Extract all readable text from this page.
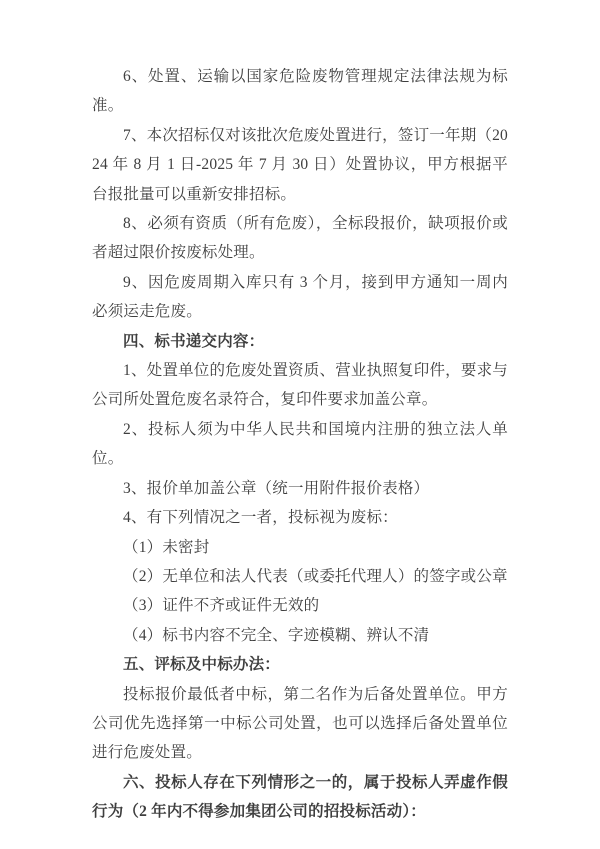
6、处置、运输以国家危险废物管理规定法律法规为标准。

7、本次招标仅对该批次危废处置进行，签订一年期（2024 年 8 月 1 日-2025 年 7 月 30 日）处置协议，甲方根据平台报批量可以重新安排招标。

8、必须有资质（所有危废），全标段报价，缺项报价或者超过限价按废标处理。

9、因危废周期入库只有 3 个月，接到甲方通知一周内必须运走危废。

四、标书递交内容：

1、处置单位的危废处置资质、营业执照复印件，要求与公司所处置危废名录符合，复印件要求加盖公章。

2、投标人须为中华人民共和国境内注册的独立法人单位。

3、报价单加盖公章（统一用附件报价表格）

4、有下列情况之一者，投标视为废标：

（1）未密封

（2）无单位和法人代表（或委托代理人）的签字或公章

（3）证件不齐或证件无效的

（4）标书内容不完全、字迹模糊、辨认不清

五、评标及中标办法：

投标报价最低者中标，第二名作为后备处置单位。甲方公司优先选择第一中标公司处置，也可以选择后备处置单位进行危废处置。

六、投标人存在下列情形之一的，属于投标人弄虚作假行为（2 年内不得参加集团公司的招投标活动）：
